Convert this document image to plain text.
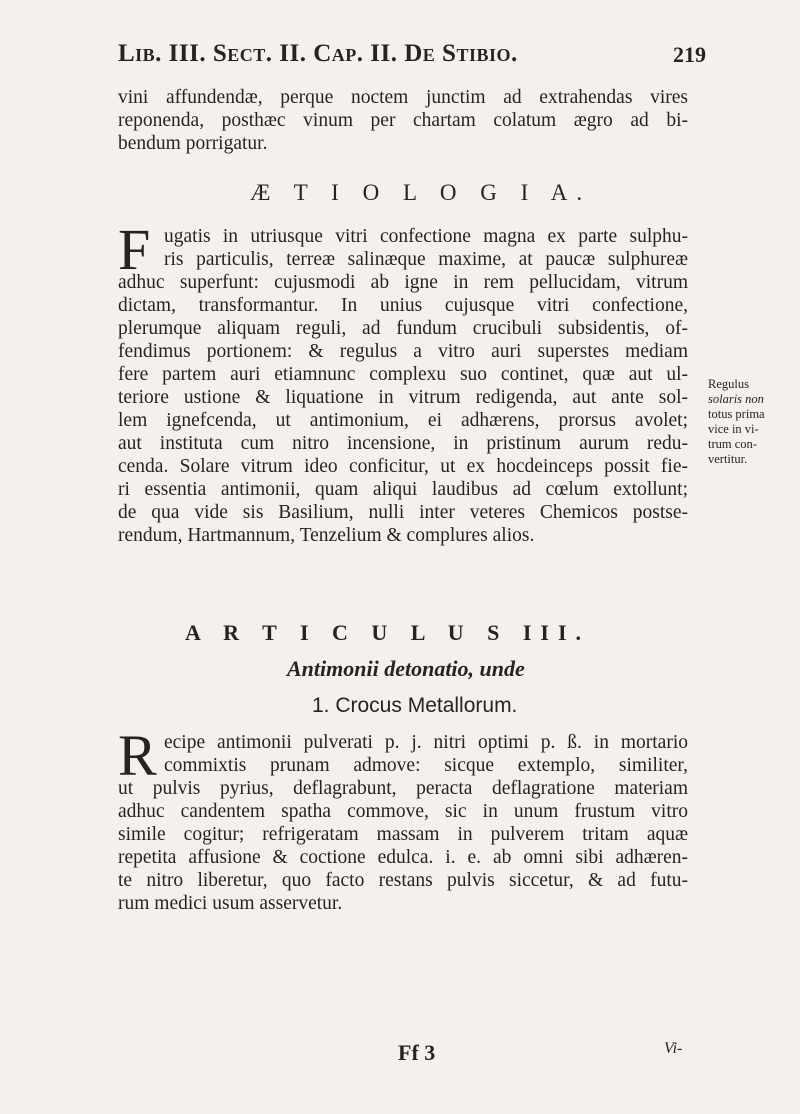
Lib. III. Sect. II. Cap. II. De Stibio.	219
vini affundendæ, perque noctem junctim ad extrahendas vires
reponenda, posthæc vinum per chartam colatum ægro ad bi-
bendum porrigatur.
Æ T I O L O G I A.
F ugatis in utriusque vitri confectione magna ex parte sulphu-
ris particulis, terreæ salinæque maxime, at paucæ sulphureæ
adhuc superfunt: cujusmodi ab igne in rem pellucidam, vitrum
dictam, transformantur. In unius cujusque vitri confectione,
plerumque aliquam reguli, ad fundum crucibuli subsidentis, of-
fendimus portionem: & regulus a vitro auri superstes mediam
fere partem auri etiamnunc complexu suo continet, quæ aut ul-
teriore ustione & liquatione in vitrum redigenda, aut ante sol-
lem ignefcenda, ut antimonium, ei adhærens, prorsus avolet;
aut instituta cum nitro incensione, in pristinum aurum redu-
cenda. Solare vitrum ideo conficitur, ut ex hocdeinceps possit fie-
ri essentia antimonii, quam aliqui laudibus ad cœlum extollunt;
de qua vide sis Basilium, nulli inter veteres Chemicos postse-
rendum, Hartmannum, Tenzelium & complures alios.
Regulus
solaris non
totus prima
vice in vi-
trum con-
vertitur.
A R T I C U L U S III.
Antimonii detonatio, unde
1. Crocus Metallorum.
R ecipe antimonii pulverati p. j. nitri optimi p. ß. in mortario
commixtis prunam admove: sicque extemplo, similiter,
ut pulvis pyrius, deflagrabunt, peracta deflagratione materiam
adhuc candentem spatha commove, sic in unum frustum vitro
simile cogitur; refrigeratam massam in pulverem tritam aquæ
repetita affusione & coctione edulca. i. e. ab omni sibi adhæren-
te nitro liberetur, quo facto restans pulvis siccetur, & ad futu-
rum medici usum asservetur.
Ff 3	Vi-
